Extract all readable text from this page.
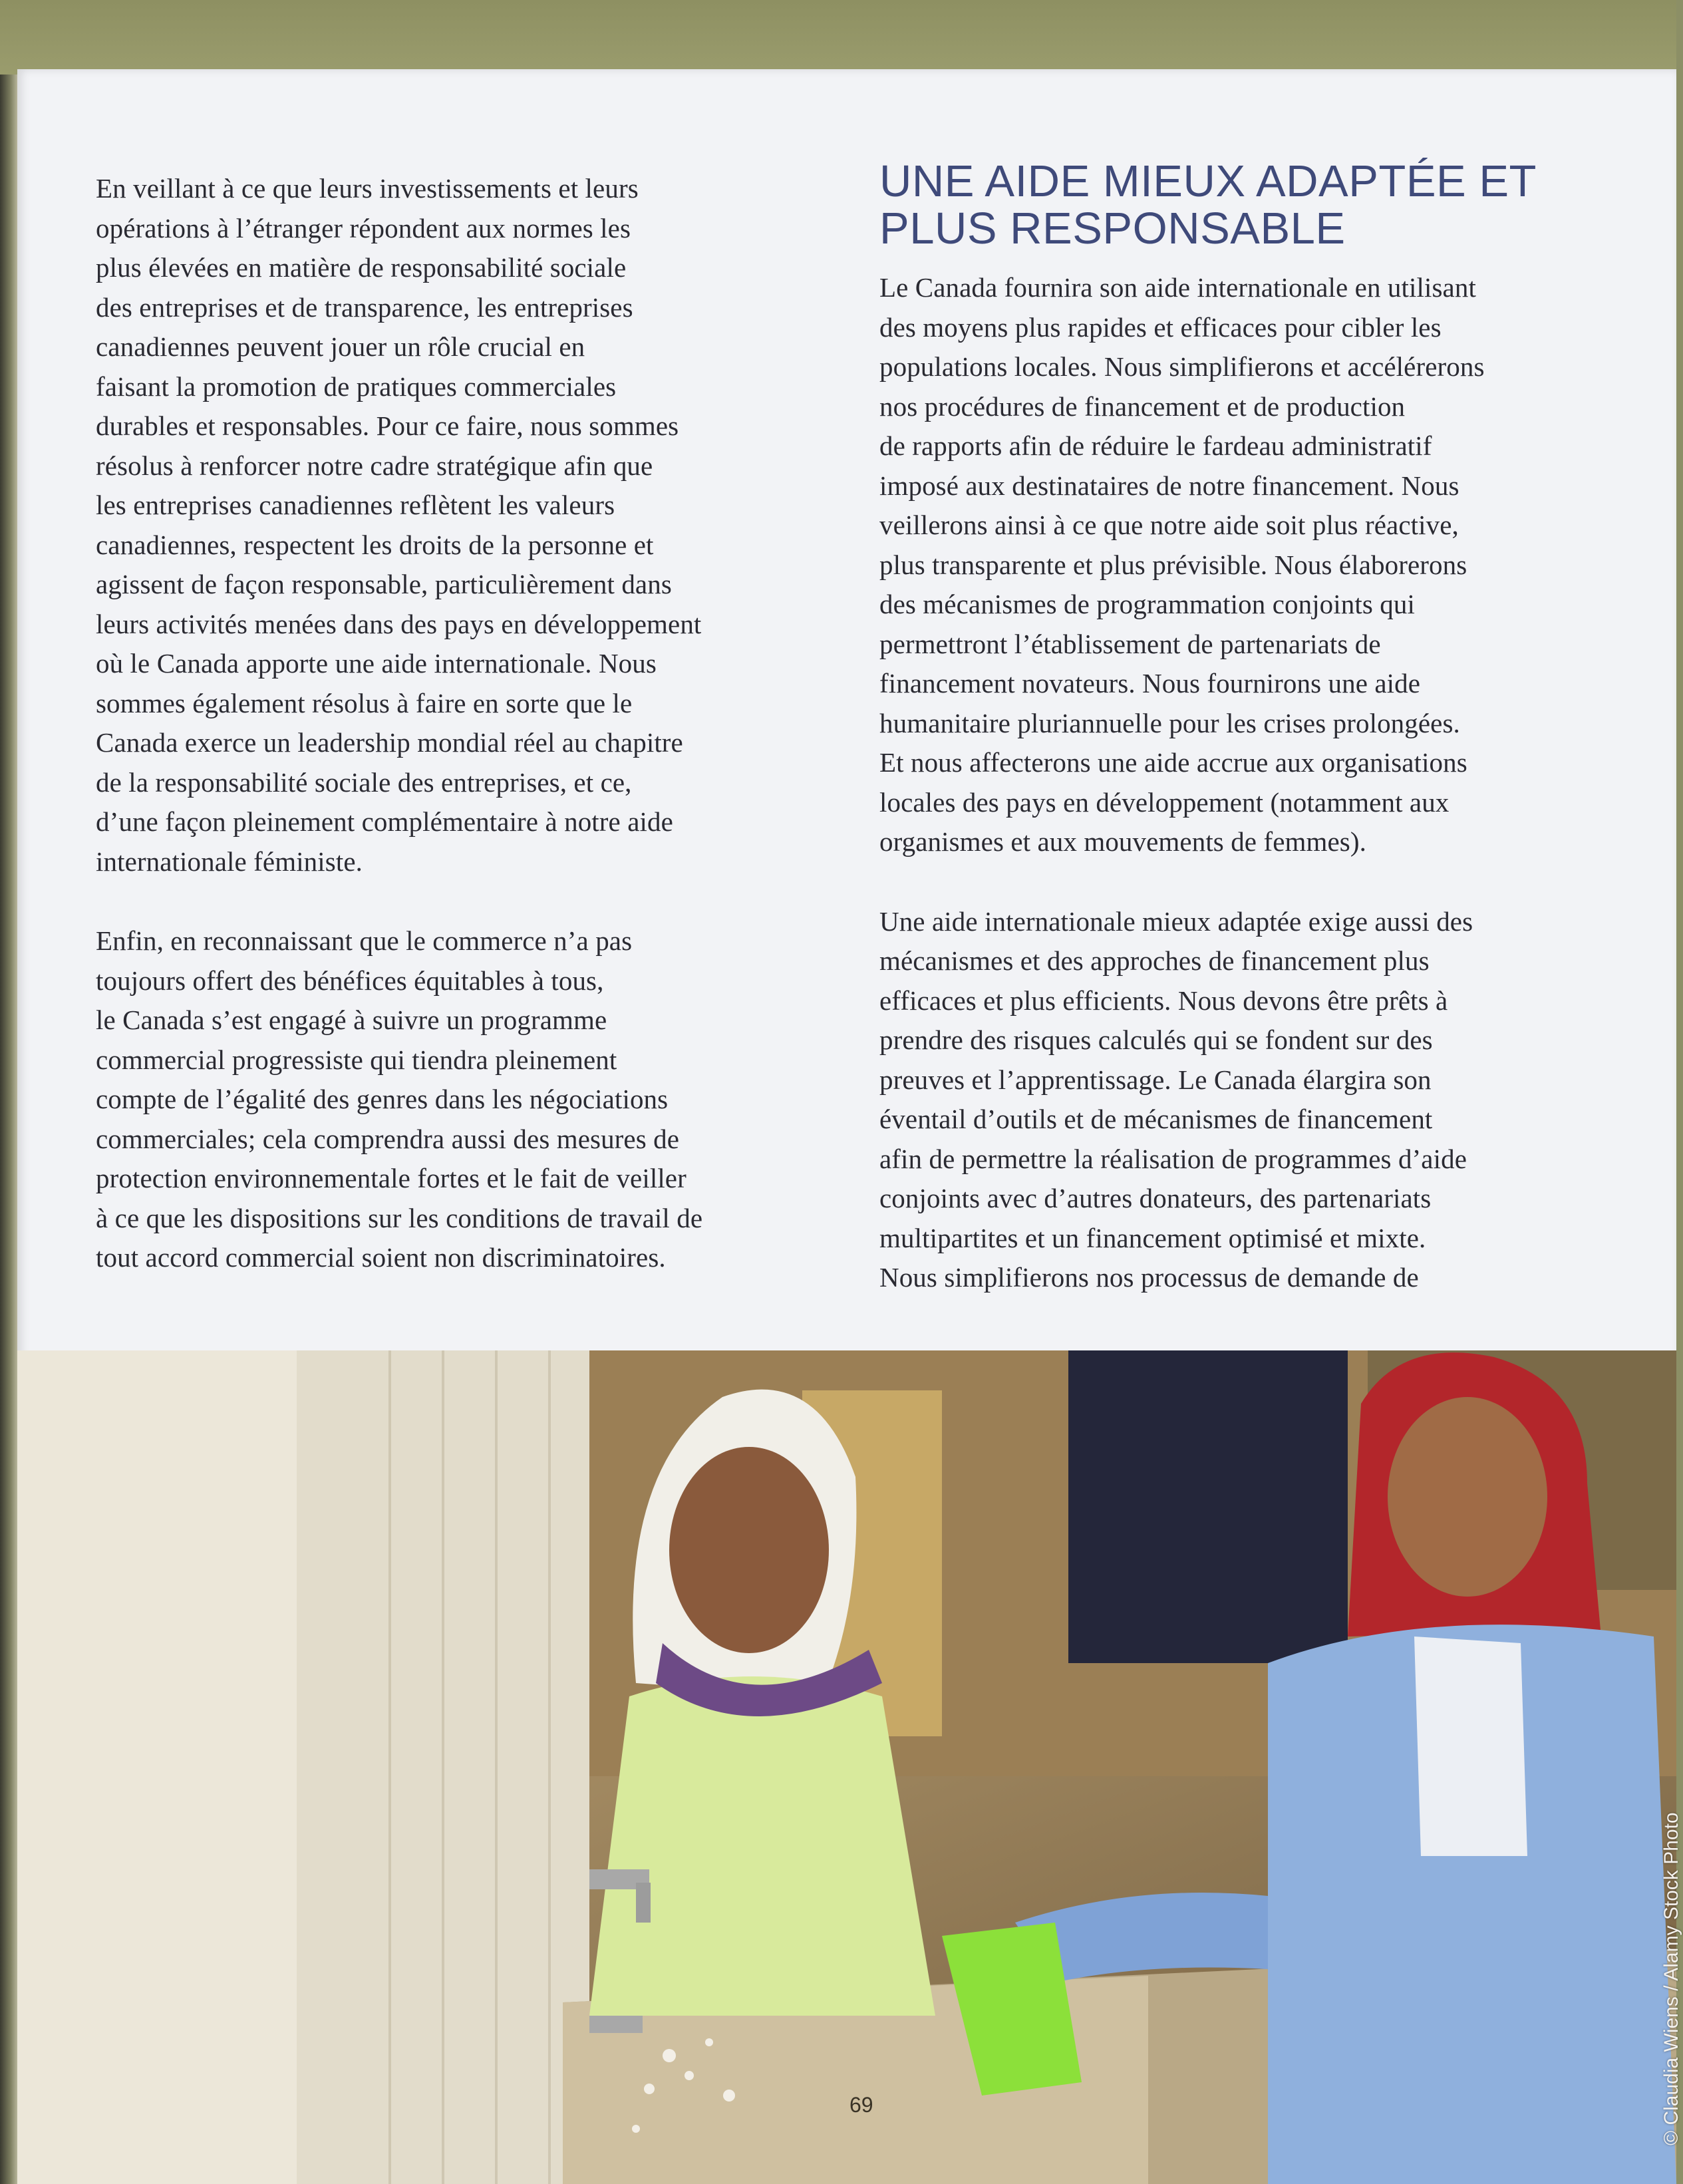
En veillant à ce que leurs investissements et leurs
opérations à l’étranger répondent aux normes les
plus élevées en matière de responsabilité sociale
des entreprises et de transparence, les entreprises
canadiennes peuvent jouer un rôle crucial en
faisant la promotion de pratiques commerciales
durables et responsables. Pour ce faire, nous sommes
résolus à renforcer notre cadre stratégique afin que
les entreprises canadiennes reflètent les valeurs
canadiennes, respectent les droits de la personne et
agissent de façon responsable, particulièrement dans
leurs activités menées dans des pays en développement
où le Canada apporte une aide internationale. Nous
sommes également résolus à faire en sorte que le
Canada exerce un leadership mondial réel au chapitre
de la responsabilité sociale des entreprises, et ce,
d’une façon pleinement complémentaire à notre aide
internationale féministe.

Enfin, en reconnaissant que le commerce n’a pas
toujours offert des bénéfices équitables à tous,
le Canada s’est engagé à suivre un programme
commercial progressiste qui tiendra pleinement
compte de l’égalité des genres dans les négociations
commerciales; cela comprendra aussi des mesures de
protection environnementale fortes et le fait de veiller
à ce que les dispositions sur les conditions de travail de
tout accord commercial soient non discriminatoires.

UNE AIDE MIEUX ADAPTÉE ET
PLUS RESPONSABLE

Le Canada fournira son aide internationale en utilisant
des moyens plus rapides et efficaces pour cibler les
populations locales. Nous simplifierons et accélérerons
nos procédures de financement et de production
de rapports afin de réduire le fardeau administratif
imposé aux destinataires de notre financement. Nous
veillerons ainsi à ce que notre aide soit plus réactive,
plus transparente et plus prévisible. Nous élaborerons
des mécanismes de programmation conjoints qui
permettront l’établissement de partenariats de
financement novateurs. Nous fournirons une aide
humanitaire pluriannuelle pour les crises prolongées.
Et nous affecterons une aide accrue aux organisations
locales des pays en développement (notamment aux
organismes et aux mouvements de femmes).

Une aide internationale mieux adaptée exige aussi des
mécanismes et des approches de financement plus
efficaces et plus efficients. Nous devons être prêts à
prendre des risques calculés qui se fondent sur des
preuves et l’apprentissage. Le Canada élargira son
éventail d’outils et de mécanismes de financement
afin de permettre la réalisation de programmes d’aide
conjoints avec d’autres donateurs, des partenariats
multipartites et un financement optimisé et mixte.
Nous simplifierons nos processus de demande de

69	© Claudia Wiens / Alamy Stock Photo
